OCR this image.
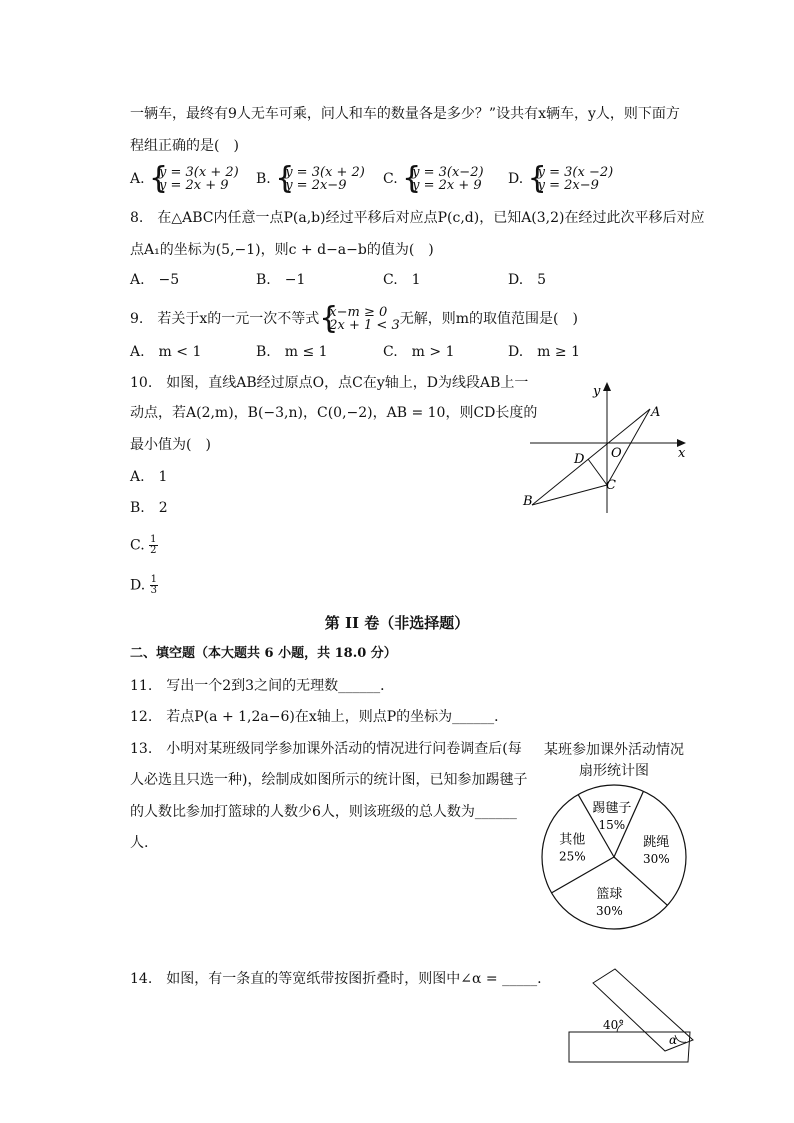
一辆车，最终有9人无车可乘，问人和车的数量各是多少？”设共有x辆车，y人，则下面方
程组正确的是(　)
A. { y = 3(x + 2)
y = 2x + 9	B. { y = 3(x + 2)
y = 2x−9	C. { y = 3(x−2)
y = 2x + 9 D. { y = 3(x −2)
y = 2x−9
8.　在△ABC内任意一点P(a,b)经过平移后对应点P(c,d)，已知A(3,2)在经过此次平移后对应
点A₁的坐标为(5,−1)，则c + d−a−b的值为(　)
A.　−5	B.　−1	C.　1	D.　5
9.　若关于x的一元一次不等式 { x−m ≥ 0
2x + 1 < 3 无解，则m的取值范围是(　)
A.　m < 1	B.　m ≤ 1	C.　m > 1	D.　m ≥ 1
10.　如图，直线AB经过原点O，点C在y轴上，D为线段AB上一
动点，若A(2,m)，B(−3,n)，C(0,−2)，AB = 10，则CD长度的
最小值为(　)
A.　1
B.　2
C. $\frac{1}{2}$
D. $\frac{1}{3}$
y
x
A
O
D
C
B
第 II 卷（非选择题）
二、填空题（本大题共 6 小题，共 18.0 分）
11.　写出一个2到3之间的无理数______．
12.　若点P(a + 1,2a−6)在x轴上，则点P的坐标为______．
13.　小明对某班级同学参加课外活动的情况进行问卷调查后(每
人必选且只选一种)，绘制成如图所示的统计图，已知参加踢毽子
的人数比参加打篮球的人数少6人，则该班级的总人数为______
人.
某班参加课外活动情况
扇形统计图
踢毽子
15%
跳绳
30%
篮球
30%
其他
25%
14.　如图，有一条直的等宽纸带按图折叠时，则图中∠α = _____.
40°
α
